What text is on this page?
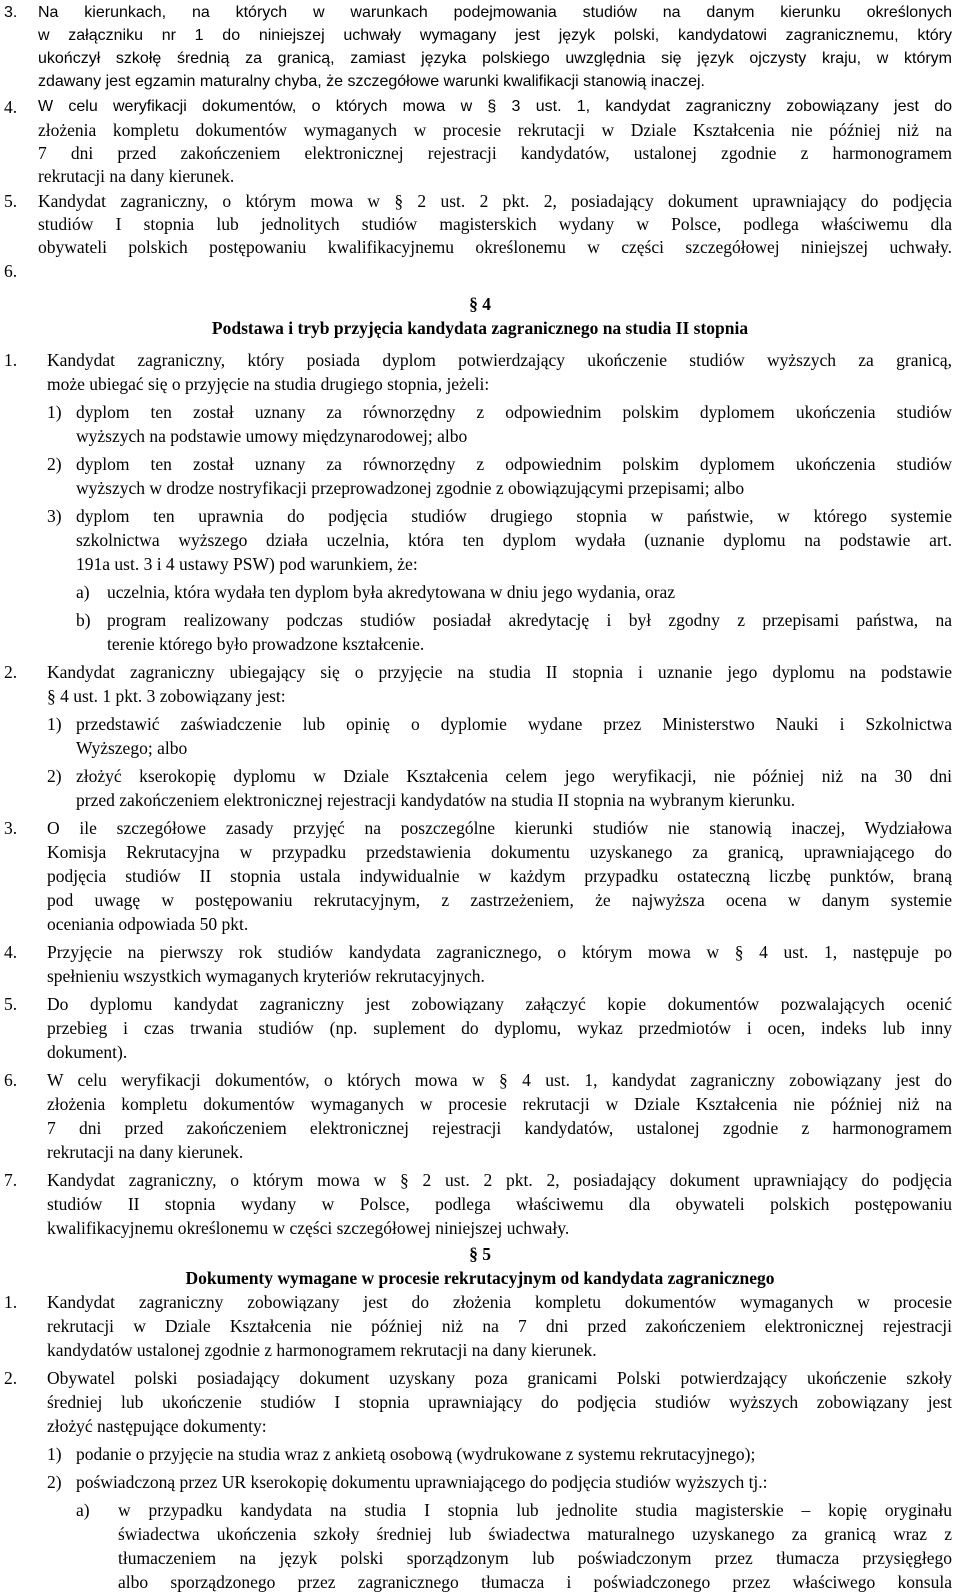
3. Na kierunkach, na których w warunkach podejmowania studiów na danym kierunku określonych
w załączniku nr 1 do niniejszej uchwały wymagany jest język polski, kandydatowi zagranicznemu, który
ukończył szkołę średnią za granicą, zamiast języka polskiego uwzględnia się język ojczysty kraju, w którym
zdawany jest egzamin maturalny chyba, że szczegółowe warunki kwalifikacji stanowią inaczej.
4. W celu weryfikacji dokumentów, o których mowa w § 3 ust. 1, kandydat zagraniczny zobowiązany jest do
złożenia kompletu dokumentów wymaganych w procesie rekrutacji w Dziale Kształcenia nie później niż na
7 dni przed zakończeniem elektronicznej rejestracji kandydatów, ustalonej zgodnie z harmonogramem
rekrutacji na dany kierunek.
5. Kandydat zagraniczny, o którym mowa w § 2 ust. 2 pkt. 2, posiadający dokument uprawniający do podjęcia
studiów I stopnia lub jednolitych studiów magisterskich wydany w Polsce, podlega właściwemu dla
obywateli polskich postępowaniu kwalifikacyjnemu określonemu w części szczegółowej niniejszej uchwały.
6.
1. Kandydat zagraniczny, który posiada dyplom potwierdzający ukończenie studiów wyższych za granicą,
może ubiegać się o przyjęcie na studia drugiego stopnia, jeżeli:
1) dyplom ten został uznany za równorzędny z odpowiednim polskim dyplomem ukończenia studiów
wyższych na podstawie umowy międzynarodowej; albo
2) dyplom ten został uznany za równorzędny z odpowiednim polskim dyplomem ukończenia studiów
wyższych w drodze nostryfikacji przeprowadzonej zgodnie z obowiązującymi przepisami; albo
3) dyplom ten uprawnia do podjęcia studiów drugiego stopnia w państwie, w którego systemie
szkolnictwa wyższego działa uczelnia, która ten dyplom wydała (uznanie dyplomu na podstawie art.
191a ust. 3 i 4 ustawy PSW) pod warunkiem, że:
a) uczelnia, która wydała ten dyplom była akredytowana w dniu jego wydania, oraz
b) program realizowany podczas studiów posiadał akredytację i był zgodny z przepisami państwa, na
terenie którego było prowadzone kształcenie.
2. Kandydat zagraniczny ubiegający się o przyjęcie na studia II stopnia i uznanie jego dyplomu na podstawie
§ 4 ust. 1 pkt. 3 zobowiązany jest:
1) przedstawić zaświadczenie lub opinię o dyplomie wydane przez Ministerstwo Nauki i Szkolnictwa
Wyższego; albo
2) złożyć kserokopię dyplomu w Dziale Kształcenia celem jego weryfikacji, nie później niż na 30 dni
przed zakończeniem elektronicznej rejestracji kandydatów na studia II stopnia na wybranym kierunku.
3. O ile szczegółowe zasady przyjęć na poszczególne kierunki studiów nie stanowią inaczej, Wydziałowa
Komisja Rekrutacyjna w przypadku przedstawienia dokumentu uzyskanego za granicą, uprawniającego do
podjęcia studiów II stopnia ustala indywidualnie w każdym przypadku ostateczną liczbę punktów, braną
pod uwagę w postępowaniu rekrutacyjnym, z zastrzeżeniem, że najwyższa ocena w danym systemie
oceniania odpowiada 50 pkt.
4. Przyjęcie na pierwszy rok studiów kandydata zagranicznego, o którym mowa w § 4 ust. 1, następuje po
spełnieniu wszystkich wymaganych kryteriów rekrutacyjnych.
5. Do dyplomu kandydat zagraniczny jest zobowiązany załączyć kopie dokumentów pozwalających ocenić
przebieg i czas trwania studiów (np. suplement do dyplomu, wykaz przedmiotów i ocen, indeks lub inny
dokument).
6. W celu weryfikacji dokumentów, o których mowa w § 4 ust. 1, kandydat zagraniczny zobowiązany jest do
złożenia kompletu dokumentów wymaganych w procesie rekrutacji w Dziale Kształcenia nie później niż na
7 dni przed zakończeniem elektronicznej rejestracji kandydatów, ustalonej zgodnie z harmonogramem
rekrutacji na dany kierunek.
7. Kandydat zagraniczny, o którym mowa w § 2 ust. 2 pkt. 2, posiadający dokument uprawniający do podjęcia
studiów II stopnia wydany w Polsce, podlega właściwemu dla obywateli polskich postępowaniu
kwalifikacyjnemu określonemu w części szczegółowej niniejszej uchwały.
1. Kandydat zagraniczny zobowiązany jest do złożenia kompletu dokumentów wymaganych w procesie
rekrutacji w Dziale Kształcenia nie później niż na 7 dni przed zakończeniem elektronicznej rejestracji
kandydatów ustalonej zgodnie z harmonogramem rekrutacji na dany kierunek.
2. Obywatel polski posiadający dokument uzyskany poza granicami Polski potwierdzający ukończenie szkoły
średniej lub ukończenie studiów I stopnia uprawniający do podjęcia studiów wyższych zobowiązany jest
złożyć następujące dokumenty:
1) podanie o przyjęcie na studia wraz z ankietą osobową (wydrukowane z systemu rekrutacyjnego);
2) poświadczoną przez UR kserokopię dokumentu uprawniającego do podjęcia studiów wyższych tj.:
a) w przypadku kandydata na studia I stopnia lub jednolite studia magisterskie – kopię oryginału
świadectwa ukończenia szkoły średniej lub świadectwa maturalnego uzyskanego za granicą wraz z
tłumaczeniem na język polski sporządzonym lub poświadczonym przez tłumacza przysięgłego
albo sporządzonego przez zagranicznego tłumacza i poświadczonego przez właściwego konsula
§ 4
Podstawa i tryb przyjęcia kandydata zagranicznego na studia II stopnia
§ 5
Dokumenty wymagane w procesie rekrutacyjnym od kandydata zagranicznego
